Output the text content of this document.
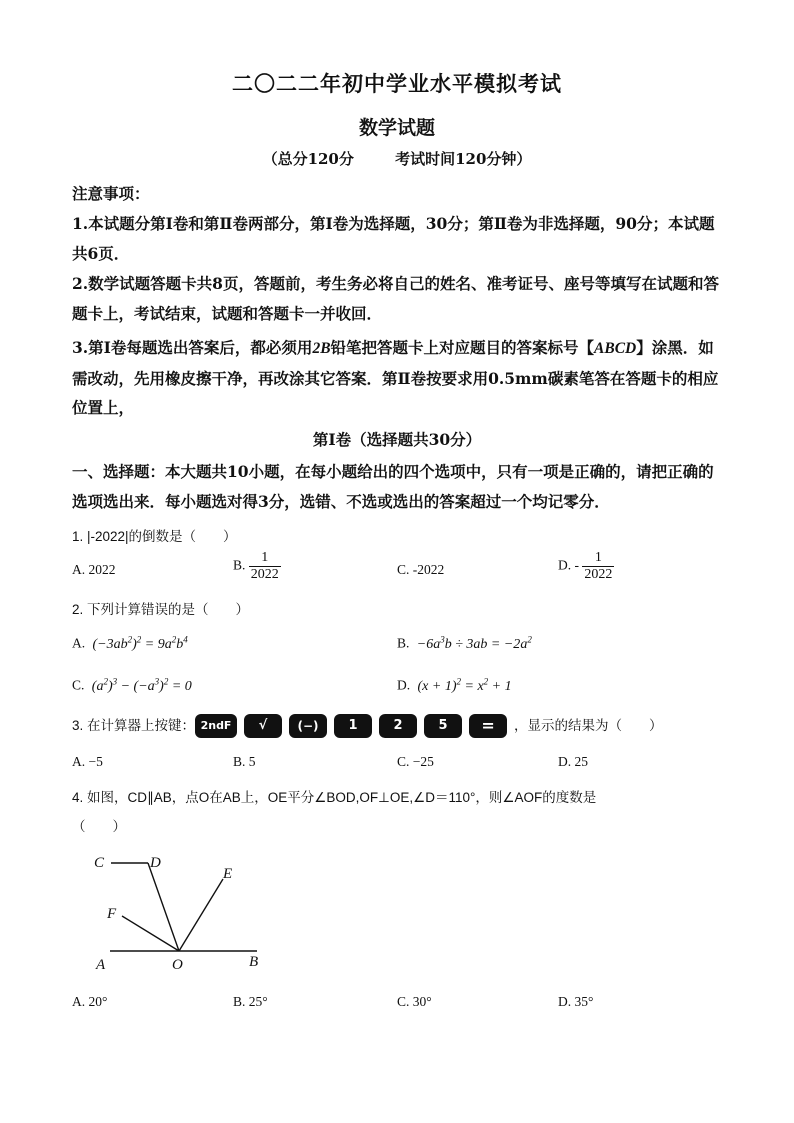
二〇二二年初中学业水平模拟考试
数学试题
（总分120分	考试时间120分钟）
注意事项：
1.本试题分第Ⅰ卷和第Ⅱ卷两部分，第Ⅰ卷为选择题，30分；第Ⅱ卷为非选择题，90分；本试题共6页．
2.数学试题答题卡共8页，答题前，考生务必将自己的姓名、准考证号、座号等填写在试题和答题卡上，考试结束，试题和答题卡一并收回．
3.第Ⅰ卷每题选出答案后，都必须用2B铅笔把答题卡上对应题目的答案标号【ABCD】涂黑．如需改动，先用橡皮擦干净，再改涂其它答案．第Ⅱ卷按要求用0.5mm碳素笔答在答题卡的相应位置上，
第Ⅰ卷（选择题共30分）
一、选择题：本大题共10小题，在每小题给出的四个选项中，只有一项是正确的，请把正确的选项选出来．每小题选对得3分，选错、不选或选出的答案超过一个均记零分．
1. |-2022|的倒数是（　　）
A. 2022	B. $\frac{1}{2022}$	C. -2022	D. - $\frac{1}{2022}$
2. 下列计算错误的是（　　）
A. $(-3ab^2)^2 = 9a^2b^4$	B. $-6a^3b \div 3ab = -2a^2$
C. $(a^2)^3 - (-a^3)^2 = 0$	D. $(x + 1)^2 = x^2 + 1$
3. 在计算器上按键： 2ndF √	(−) 1	2	5 = ，显示的结果为（　　）
A. −5	B. 5	C. −25	D. 25
4. 如图，CD∥AB，点O在AB上，OE平分∠BOD,OF⊥OE,∠D＝110°，则∠AOF的度数是
（　　）
C	D
E
F
A	O	B
A. 20°	B. 25°	C. 30°	D. 35°
